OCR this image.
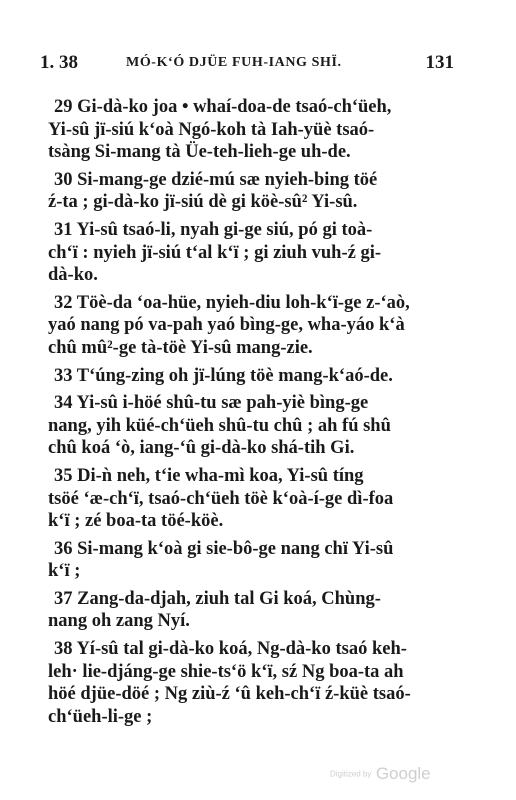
1. 38	MÓ-K‘Ó DJÜE FUH-IANG SHÏ.	131
29 Gi-dà-ko joa • whaí-doa-de tsaó-ch‘üeh,
Yi-sû jï-siú k‘oà Ngó-koh tà Iah-yüè tsaó-
tsàng Si-mang tà Üe-teh-lieh-ge uh-de.
30 Si-mang-ge dzié-mú sæ nyieh-bing töé
ź-ta ; gi-dà-ko jï-siú dè gi köè-sû² Yi-sû.
31 Yi-sû tsaó-li, nyah gi-ge siú, pó gi toà-
ch‘ï : nyieh jï-siú t‘al k‘ï ; gi ziuh vuh-ź gi-
dà-ko.
32 Töè-da ‘oa-hüe, nyieh-diu loh-k‘ï-ge z-‘aò,
yaó nang pó va-pah yaó bìng-ge, wha-yáo k‘à
chû mû²-ge tà-töè Yi-sû mang-zie.
33 T‘úng-zing oh jï-lúng töè mang-k‘aó-de.
34 Yi-sû i-höé shû-tu sæ pah-yiè bìng-ge
nang, yih küé-ch‘üeh shû-tu chû ; ah fú shû
chû koá ‘ò, iang-‘û gi-dà-ko shá-tih Gi.
35 Di-ǹ neh, t‘ie wha-mì koa, Yi-sû tíng
tsöé ‘æ-ch‘ï, tsaó-ch‘üeh töè k‘oà-í-ge dì-foa
k‘ï ; zé boa-ta töé-köè.
36 Si-mang k‘oà gi sie-bô-ge nang chï Yi-sû
k‘ï ;
37 Zang-da-djah, ziuh tal Gi koá, Chùng-
nang oh zang Nyí.
38 Yí-sû tal gi-dà-ko koá, Ng-dà-ko tsaó keh-
leh· lie-djáng-ge shie-ts‘ö k‘ï, sź Ng boa-ta ah
höé djüe-döé ; Ng ziù-ź ‘û keh-ch‘ï ź-küè tsaó-
ch‘üeh-li-ge ;
Digitized by Google
